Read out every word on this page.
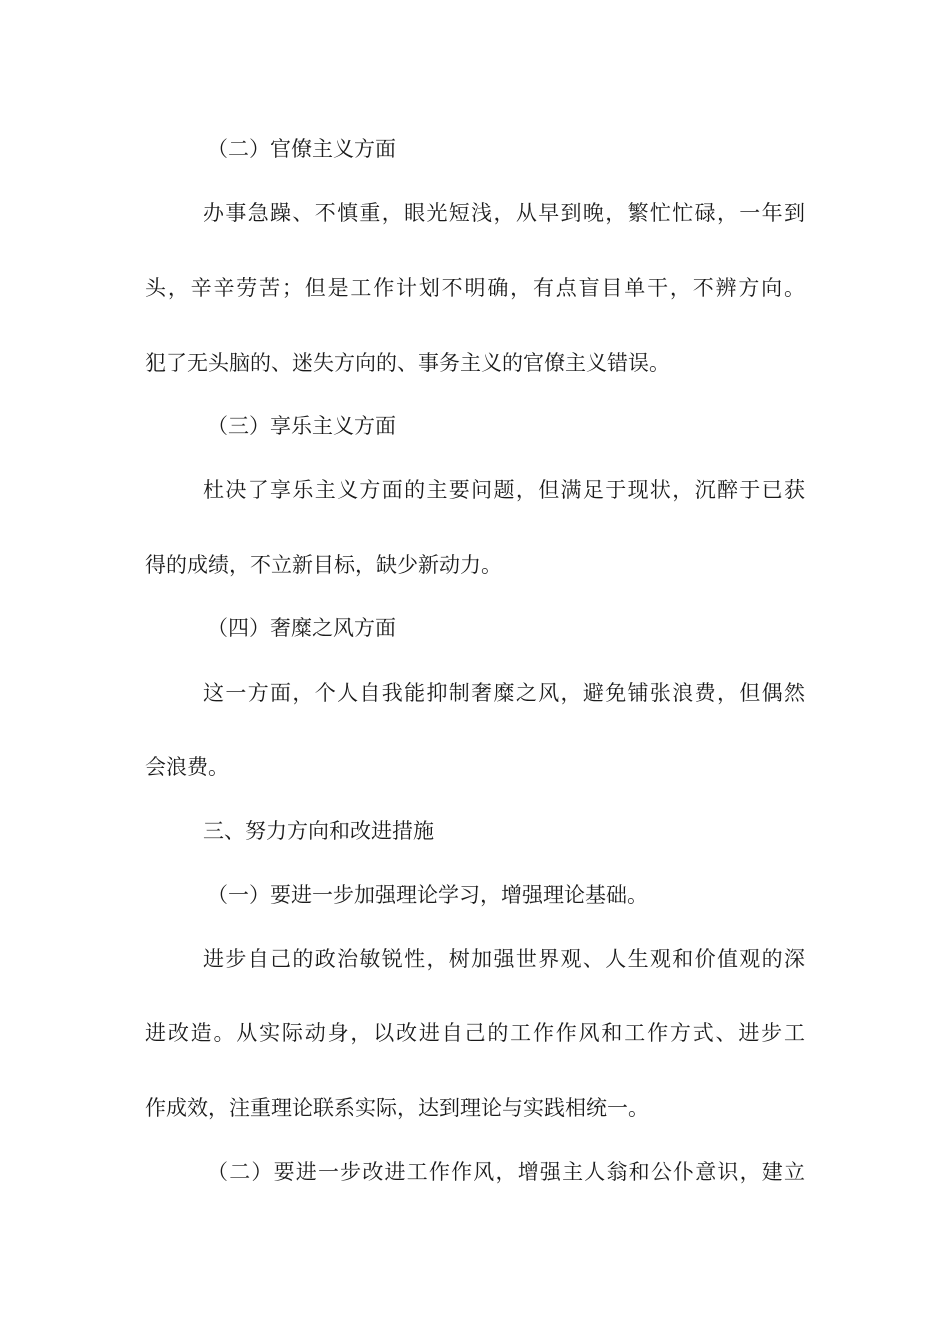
（二）官僚主义方面
办事急躁、不慎重，眼光短浅，从早到晚，繁忙忙碌，一年到
头，辛辛劳苦；但是工作计划不明确，有点盲目单干，不辨方向。
犯了无头脑的、迷失方向的、事务主义的官僚主义错误。
（三）享乐主义方面
杜决了享乐主义方面的主要问题，但满足于现状，沉醉于已获
得的成绩，不立新目标，缺少新动力。
（四）奢糜之风方面
这一方面，个人自我能抑制奢糜之风，避免铺张浪费，但偶然
会浪费。
三、努力方向和改进措施
（一）要进一步加强理论学习，增强理论基础。
进步自己的政治敏锐性，树加强世界观、人生观和价值观的深
进改造。从实际动身，以改进自己的工作作风和工作方式、进步工
作成效，注重理论联系实际，达到理论与实践相统一。
（二）要进一步改进工作作风，增强主人翁和公仆意识，建立
